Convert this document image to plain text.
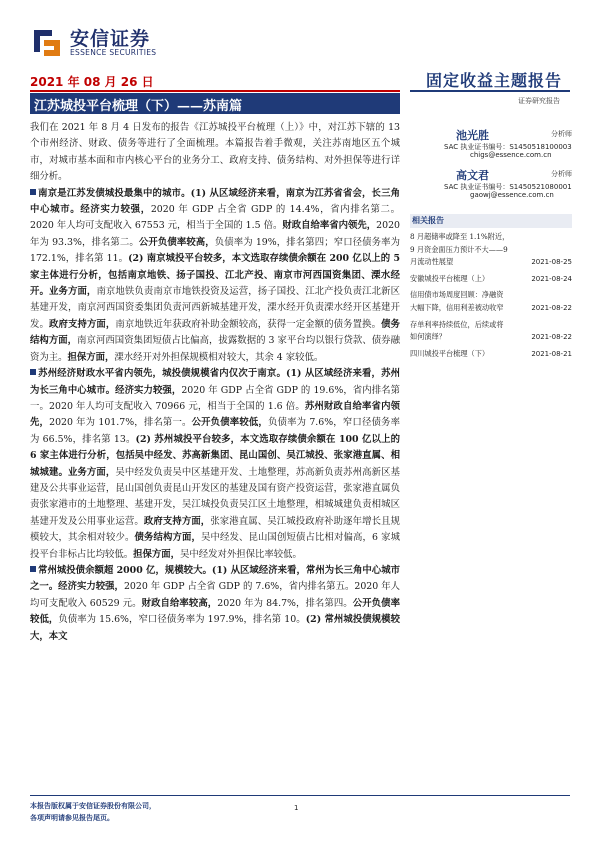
安信证券
ESSENCE SECURITIES
2021 年 08 月 26 日
江苏城投平台梳理（下）——苏南篇
固定收益主题报告
证券研究报告

我们在 2021 年 8 月 4 日发布的报告《江苏城投平台梳理（上）》中，对江苏下辖的 13 个市州经济、财政、债务等进行了全面梳理。本篇报告着手微观，关注苏南地区五个城市，对城市基本面和市内核心平台的业务分工、政府支持、债务结构、对外担保等进行详细分析。

南京是江苏发债城投最集中的城市。(1) 从区域经济来看，南京为江苏省省会，长三角中心城市。经济实力较强，2020 年 GDP 占全省 GDP 的 14.4%，省内排名第二。2020 年人均可支配收入 67553 元，相当于全国的 1.5 倍。财政自给率省内领先，2020 年为 93.3%，排名第二。公开负债率较高，负债率为 19%，排名第四；窄口径债务率为 172.1%，排名第 11。(2) 南京城投平台较多，本文选取存续债余额在 200 亿以上的 5 家主体进行分析，包括南京地铁、扬子国投、江北产投、南京市河西国资集团、溧水经开。业务方面，南京地铁负责南京市地铁投资及运营，扬子国投、江北产投负责江北新区基建开发，南京河西国资委集团负责河西新城基建开发，溧水经开负责溧水经开区基建开发。政府支持方面，南京地铁近年获政府补助金额较高，获得一定金额的债务置换。债务结构方面，南京河西国资集团短债占比偏高，拔露数据的 3 家平台均以银行贷款、债券融资为主。担保方面，溧水经开对外担保规模相对较大，其余 4 家较低。

苏州经济财政水平省内领先，城投债规模省内仅次于南京。(1) 从区域经济来看，苏州为长三角中心城市。经济实力较强，2020 年 GDP 占全省 GDP 的 19.6%，省内排名第一。2020 年人均可支配收入 70966 元，相当于全国的 1.6 倍。苏州财政自给率省内领先，2020 年为 101.7%，排名第一。公开负债率较低，负债率为 7.6%，窄口径债务率为 66.5%，排名第 13。(2) 苏州城投平台较多，本文选取存续债余额在 100 亿以上的 6 家主体进行分析，包括吴中经发、苏高新集团、昆山国创、吴江城投、张家港直属、相城城建。业务方面，吴中经发负责吴中区基建开发、土地整理，苏高新负责苏州高新区基建及公共事业运营，昆山国创负责昆山开发区的基建及国有资产投资运营，张家港直属负责张家港市的土地整理、基建开发，吴江城投负责吴江区土地整理，相城城建负责相城区基建开发及公用事业运营。政府支持方面，张家港直属、吴江城投政府补助逐年增长且规模较大，其余相对较少。债务结构方面，吴中经发、昆山国创短债占比相对偏高，6 家城投平台非标占比均较低。担保方面，吴中经发对外担保比率较低。

常州城投债余额超 2000 亿，规模较大。(1) 从区域经济来看，常州为长三角中心城市之一。经济实力较强，2020 年 GDP 占全省 GDP 的 7.6%，省内排名第五。2020 年人均可支配收入 60529 元。财政自给率较高，2020 年为 84.7%，排名第四。公开负债率较低，负债率为 15.6%，窄口径债务率为 197.9%，排名第 10。(2) 常州城投债规模较大，本文

池光胜	分析师
SAC 执业证书编号：S1450518100003
chigs@essence.com.cn
高文君	分析师
SAC 执业证书编号：S1450521080001
gaowj@essence.com.cn
相关报告
8 月超储率或降至 1.1%附近，9 月资金面压力预计不大——9 月流动性展望	2021-08-25
安徽城投平台梳理（上）	2021-08-24
信用债市场周度回顾：净融资大幅下降，信用利差被动收窄	2021-08-22
存单利率持续低位，后续或将如何演绎？	2021-08-22
四川城投平台梳理（下）	2021-08-21
本报告版权属于安信证券股份有限公司，
各项声明请参见报告尾页。
1
